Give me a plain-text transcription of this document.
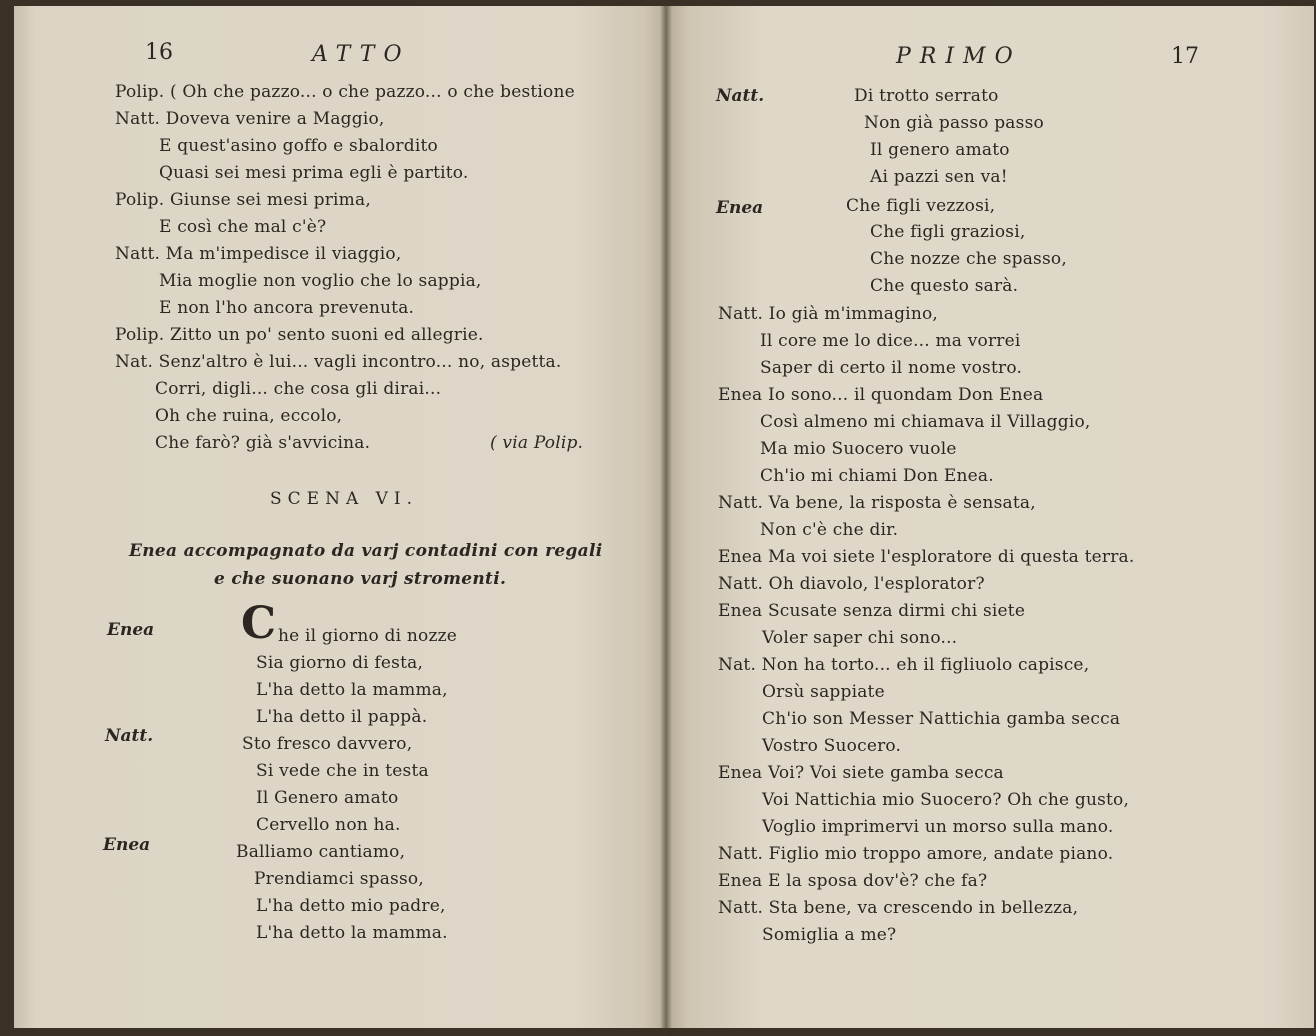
16	ATTO
Polip. ( Oh che pazzo... o che pazzo... o che bestione
Natt. Doveva venire a Maggio,
E quest'asino goffo e sbalordito
Quasi sei mesi prima egli è partito.
Polip. Giunse sei mesi prima,
E così che mal c'è?
Natt. Ma m'impedisce il viaggio,
Mia moglie non voglio che lo sappia,
E non l'ho ancora prevenuta.
Polip. Zitto un po' sento suoni ed allegrie.
Nat. Senz'altro è lui... vagli incontro... no, aspetta.
Corri, digli... che cosa gli dirai...
Oh che ruina, eccolo,
Che farò? già s'avvicina.	( via Polip.
SCENA VI.
Enea accompagnato da varj contadini con regali
e che suonano varj stromenti.
Enea
Natt.
Enea
C he il giorno di nozze
Sia giorno di festa,
L'ha detto la mamma,
L'ha detto il pappà.
Sto fresco davvero,
Si vede che in testa
Il Genero amato
Cervello non ha.
Balliamo cantiamo,
Prendiamci spasso,
L'ha detto mio padre,
L'ha detto la mamma.
PRIMO	17
Natt.
Enea
Di trotto serrato
Non già passo passo
Il genero amato
Ai pazzi sen va!
Che figli vezzosi,
Che figli graziosi,
Che nozze che spasso,
Che questo sarà.
Natt. Io già m'immagino,
Il core me lo dice... ma vorrei
Saper di certo il nome vostro.
Enea Io sono... il quondam Don Enea
Così almeno mi chiamava il Villaggio,
Ma mio Suocero vuole
Ch'io mi chiami Don Enea.
Natt. Va bene, la risposta è sensata,
Non c'è che dir.
Enea Ma voi siete l'esploratore di questa terra.
Natt. Oh diavolo, l'esplorator?
Enea Scusate senza dirmi chi siete
Voler saper chi sono...
Nat. Non ha torto... eh il figliuolo capisce,
Orsù sappiate
Ch'io son Messer Nattichia gamba secca
Vostro Suocero.
Enea Voi? Voi siete gamba secca
Voi Nattichia mio Suocero? Oh che gusto,
Voglio imprimervi un morso sulla mano.
Natt. Figlio mio troppo amore, andate piano.
Enea E la sposa dov'è? che fa?
Natt. Sta bene, va crescendo in bellezza,
Somiglia a me?
